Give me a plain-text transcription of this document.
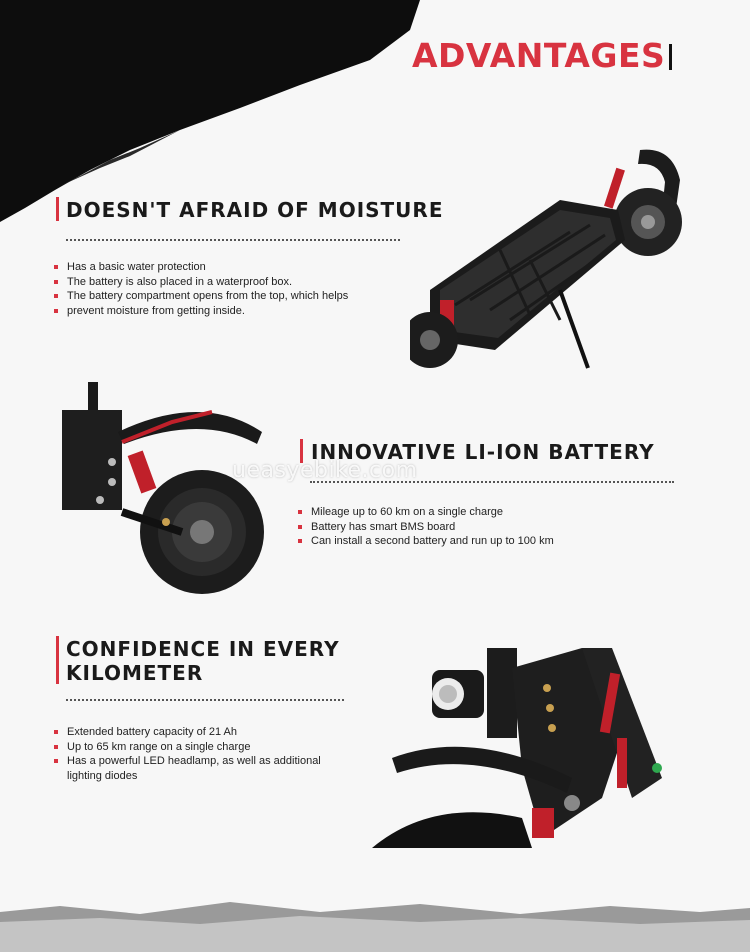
ADVANTAGES
DOESN'T AFRAID OF MOISTURE
Has a basic water protection
The battery is also placed in a waterproof box.
The battery compartment opens from the top, which helps
prevent moisture from getting inside.
INNOVATIVE LI-ION BATTERY
Mileage up to 60 km on a single charge
Battery has smart BMS board
Can install a second battery and run up to 100 km
ueasyebike.com
CONFIDENCE IN EVERY
KILOMETER
Extended battery capacity of 21 Ah
Up to 65 km range on a single charge
Has a powerful LED headlamp, as well as additional lighting diodes
